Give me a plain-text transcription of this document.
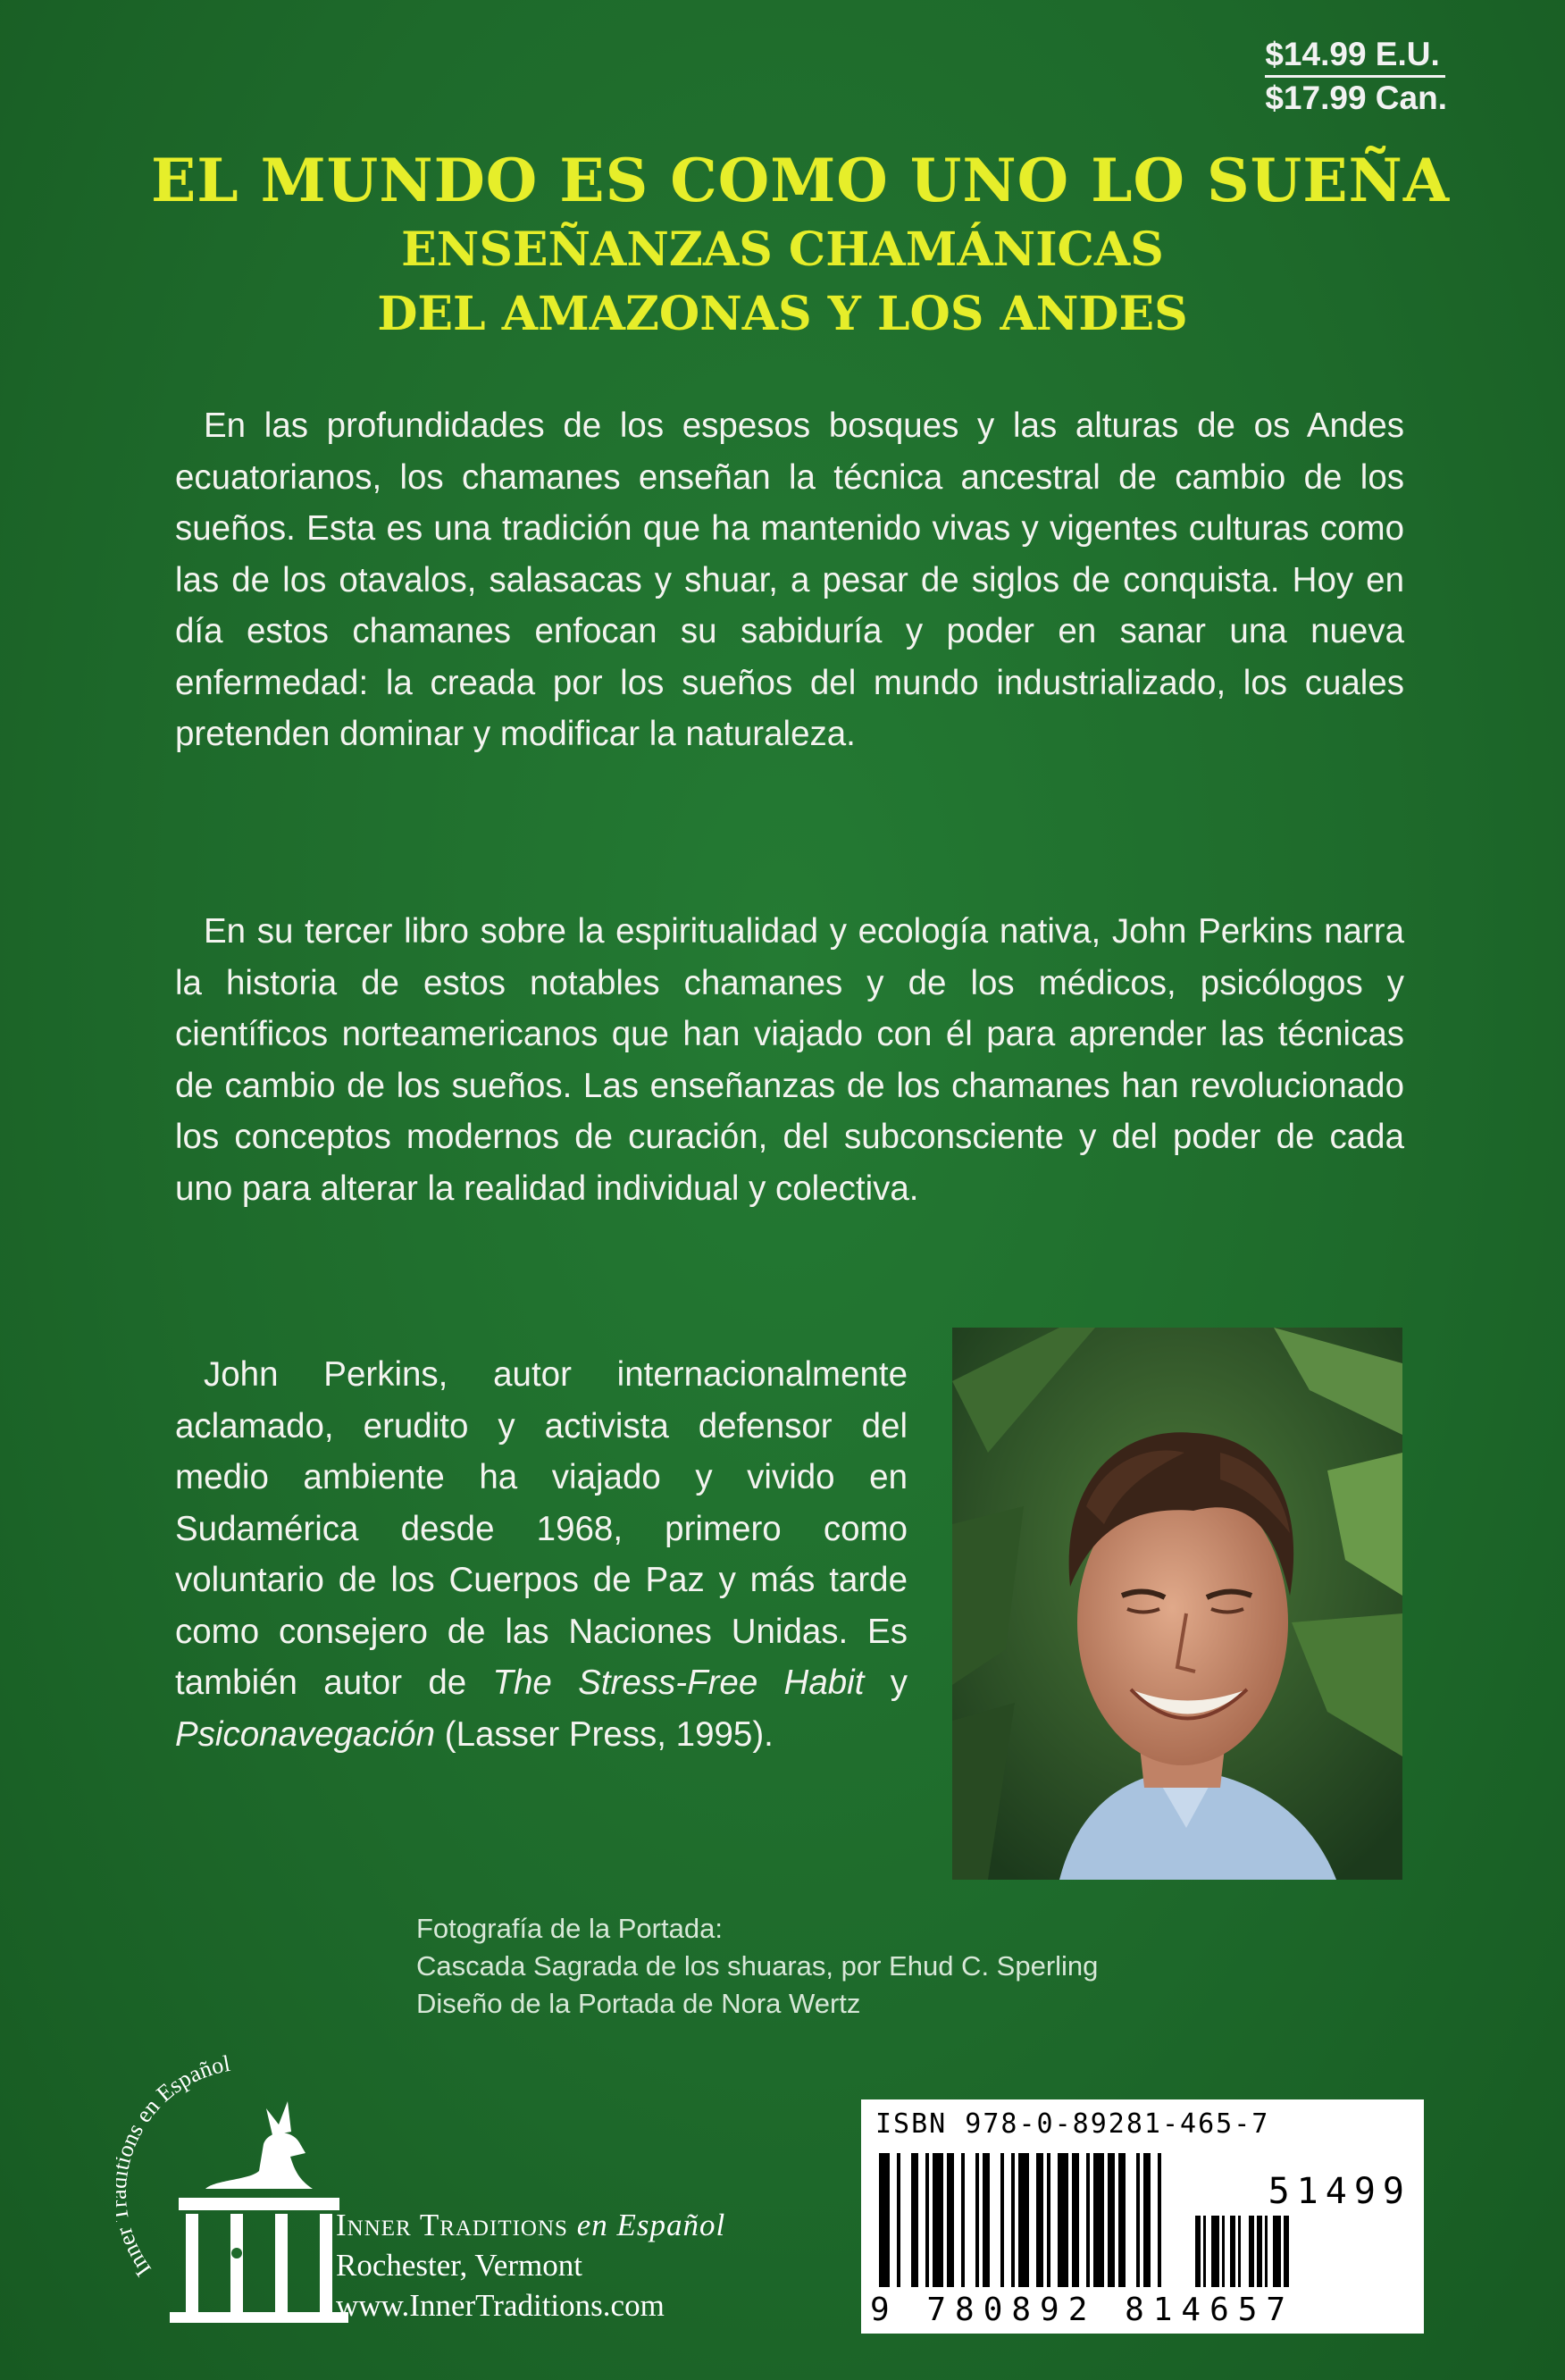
$14.99 E.U.
$17.99 Can.
EL MUNDO ES COMO UNO LO SUEÑA
ENSEÑANZAS CHAMÁNICAS
DEL AMAZONAS Y LOS ANDES
En las profundidades de los espesos bosques y las alturas de os Andes ecuatorianos, los chamanes enseñan la técnica ancestral de cambio de los sueños. Esta es una tradición que ha mantenido vivas y vigentes culturas como las de los otavalos, salasacas y shuar, a pesar de siglos de conquista. Hoy en día estos chamanes enfocan su sabiduría y poder en sanar una nueva enfermedad: la creada por los sueños del mundo industrializado, los cuales pretenden dominar y modificar la naturaleza.
En su tercer libro sobre la espiritualidad y ecología nativa, John Perkins narra la historia de estos notables chamanes y de los médicos, psicólogos y científicos norteamericanos que han viajado con él para aprender las técnicas de cambio de los sueños. Las enseñanzas de los chamanes han revolucionado los conceptos modernos de curación, del subconsciente y del poder de cada uno para alterar la realidad individual y colectiva.
John Perkins, autor internacionalmente aclamado, erudito y activista defensor del medio ambiente ha viajado y vivido en Sudamérica desde 1968, primero como voluntario de los Cuerpos de Paz y más tarde como consejero de las Naciones Unidas. Es también autor de The Stress-Free Habit y Psiconavegación (Lasser Press, 1995).
Fotografía de la Portada:
Cascada Sagrada de los shuaras, por Ehud C. Sperling
Diseño de la Portada de Nora Wertz
Inn ns en Español
Inner Traditions en Español
Rochester, Vermont
www.InnerTraditions.com
ISBN 978-0-89281-465-7
51499
9 780892 814657
